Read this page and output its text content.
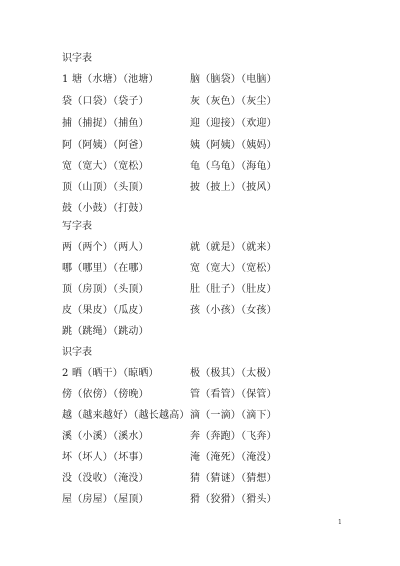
识字表
1 塘（水塘）（池塘）	脑（脑袋）（电脑）
袋（口袋）（袋子）	灰（灰色）（灰尘）
捕（捕捉）（捕鱼）	迎（迎接）（欢迎）
阿（阿姨）（阿爸）	姨（阿姨）（姨妈）
宽（宽大）（宽松）	龟（乌龟）（海龟）
顶（山顶）（头顶）	披（披上）（披风）
鼓（小鼓）（打鼓）
写字表
两（两个）（两人）	就（就是）（就来）
哪（哪里）（在哪）	宽（宽大）（宽松）
顶（房顶）（头顶）	肚（肚子）（肚皮）
皮（果皮）（瓜皮）	孩（小孩）（女孩）
跳（跳绳）（跳动）
识字表
2 晒（晒干）（晾晒）	极（极其）（太极）
傍（依傍）（傍晚）	管（看管）（保管）
越（越来越好）（越长越高） 滴（一滴）（滴下）
溪（小溪）（溪水）	奔（奔跑）（飞奔）
坏（坏人）（坏事）	淹（淹死）（淹没）
没（没收）（淹没）	猜（猜谜）（猜想）
屋（房屋）（屋顶）	猾（狡猾）（猾头）
1
